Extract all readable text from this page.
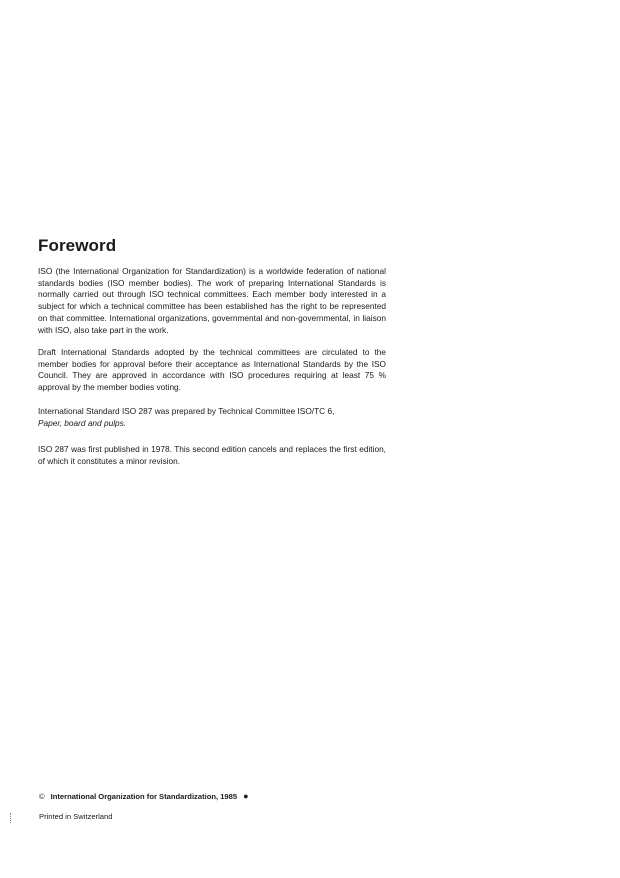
Foreword

ISO (the International Organization for Standardization) is a worldwide federation of national standards bodies (ISO member bodies). The work of preparing International Standards is normally carried out through ISO technical committees. Each member body interested in a subject for which a technical committee has been established has the right to be represented on that committee. International organizations, governmental and non-governmental, in liaison with ISO, also take part in the work.

Draft International Standards adopted by the technical committees are circulated to the member bodies for approval before their acceptance as International Standards by the ISO Council. They are approved in accordance with ISO procedures requiring at least 75 % approval by the member bodies voting.

International Standard ISO 287 was prepared by Technical Committee ISO/TC 6,
Paper, board and pulps.

ISO 287 was first published in 1978. This second edition cancels and replaces the first edition, of which it constitutes a minor revision.

© International Organization for Standardization, 1985 ●
Printed in Switzerland
